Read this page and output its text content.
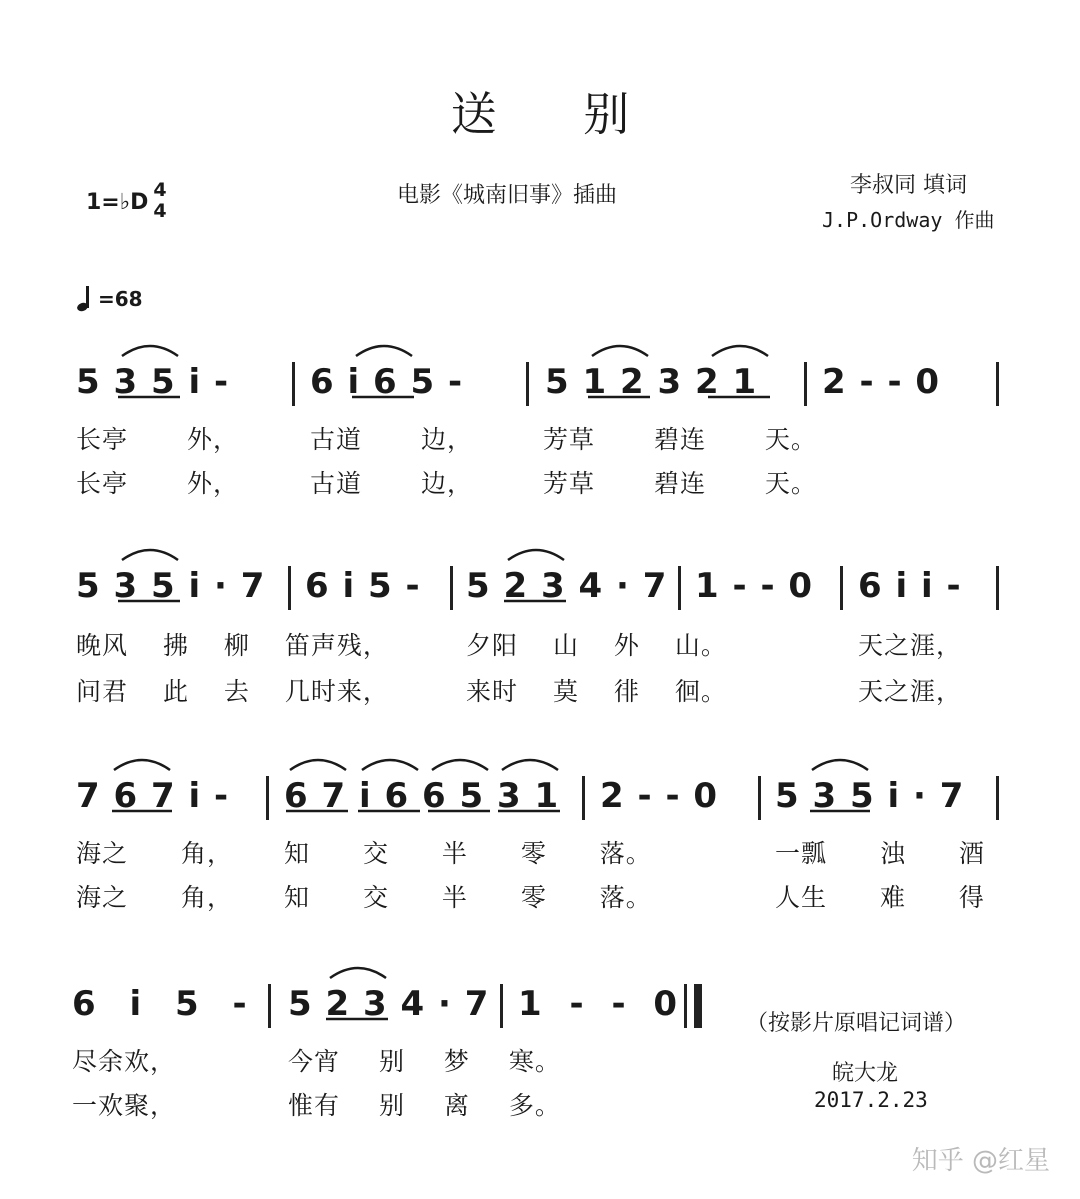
送 别
电影《城南旧事》插曲	李叔同 填词
J.P.Ordway 作曲
1=♭D 4
4
=68
5 3 5 i - 6 i 6 5 - 5 1 2 3 2 1 2 - - 0
长亭 外，	古道 边，	芳草 碧连 天。
长亭 外，	古道 边，	芳草 碧连 天。
5 3 5 i · 7 6 i 5 - 5 2 3 4 · 7 1 - - 0 6 i i -
晚风 拂 柳 笛声残，	夕阳 山 外 山。	天之涯，
问君 此 去 几时来，	来时 莫 徘 徊。	天之涯，
7 6 7 i - 6 7 i 6 6 5 3 1 2 - - 0 5 3 5 i · 7
海之 角， 知 交 半 零 落。	一瓢 浊 酒
海之 角， 知 交 半 零 落。	人生 难 得
6 i 5 - 5 2 3 4 · 7 1 - - 0
尽余欢，	今宵 别 梦 寒。
一欢聚，	惟有 别 离 多。
（按影片原唱记词谱）
皖大龙
2017.2.23
知乎 @红星
